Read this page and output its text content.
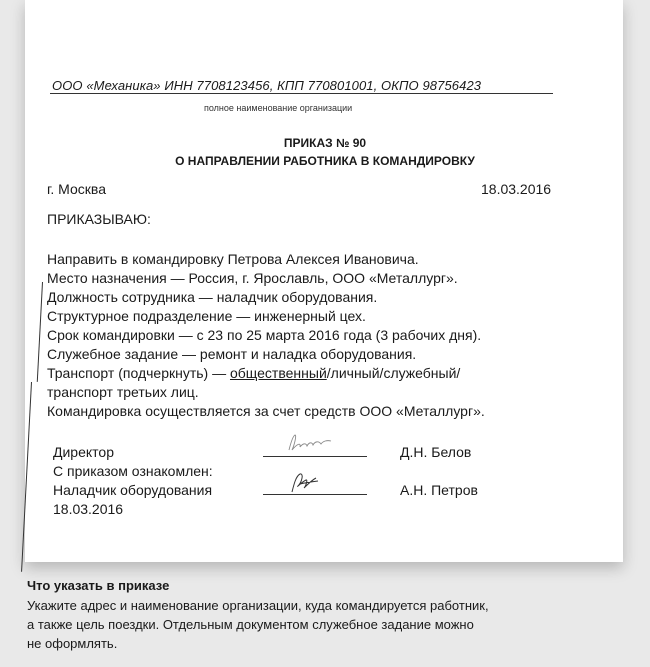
ООО «Механика» ИНН 7708123456, КПП 770801001, ОКПО 98756423
полное наименование организации
ПРИКАЗ № 90
О НАПРАВЛЕНИИ РАБОТНИКА В КОМАНДИРОВКУ
г. Москва	18.03.2016
ПРИКАЗЫВАЮ:
Направить в командировку Петрова Алексея Ивановича.
Место назначения — Россия, г. Ярославль, ООО «Металлург».
Должность сотрудника — наладчик оборудования.
Структурное подразделение — инженерный цех.
Срок командировки — с 23 по 25 марта 2016 года (3 рабочих дня).
Служебное задание — ремонт и наладка оборудования.
Транспорт (подчеркнуть) — общественный/личный/служебный/
транспорт третьих лиц.
Командировка осуществляется за счет средств ООО «Металлург».
Директор	Д.Н. Белов
С приказом ознакомлен:
Наладчик оборудования	А.Н. Петров
18.03.2016
Что указать в приказе
Укажите адрес и наименование организации, куда командируется работник,
а также цель поездки. Отдельным документом служебное задание можно
не оформлять.
